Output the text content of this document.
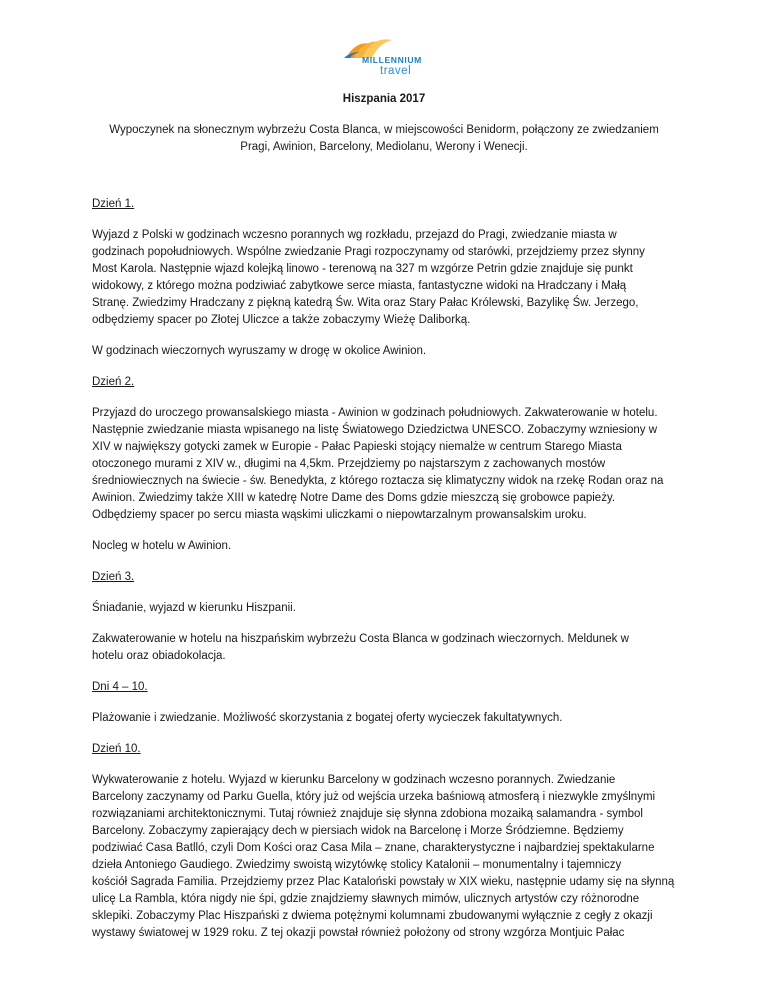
MILLENNIUM
travel
Hiszpania 2017
Wypoczynek na słonecznym wybrzeżu Costa Blanca, w miejscowości Benidorm, połączony ze zwiedzaniem
Pragi, Awinion, Barcelony, Mediolanu, Werony i Wenecji.

Dzień 1.

Wyjazd z Polski w godzinach wczesno porannych wg rozkładu, przejazd do Pragi, zwiedzanie miasta w
godzinach popołudniowych. Wspólne zwiedzanie Pragi rozpoczynamy od starówki, przejdziemy przez słynny
Most Karola. Następnie wjazd kolejką linowo - terenową na 327 m wzgórze Petrin gdzie znajduje się punkt
widokowy, z którego można podziwiać zabytkowe serce miasta, fantastyczne widoki na Hradczany i Małą
Stranę. Zwiedzimy Hradczany z piękną katedrą Św. Wita oraz Stary Pałac Królewski, Bazylikę Św. Jerzego,
odbędziemy spacer po Złotej Uliczce a także zobaczymy Wieżę Daliborką.

W godzinach wieczornych wyruszamy w drogę w okolice Awinion.

Dzień 2.

Przyjazd do uroczego prowansalskiego miasta - Awinion w godzinach południowych. Zakwaterowanie w hotelu.
Następnie zwiedzanie miasta wpisanego na listę Światowego Dziedzictwa UNESCO. Zobaczymy wzniesiony w
XIV w największy gotycki zamek w Europie - Pałac Papieski stojący niemalże w centrum Starego Miasta
otoczonego murami z XIV w., długimi na 4,5km. Przejdziemy po najstarszym z zachowanych mostów
średniowiecznych na świecie - św. Benedykta, z którego roztacza się klimatyczny widok na rzekę Rodan oraz na
Awinion. Zwiedzimy także XIII w katedrę Notre Dame des Doms gdzie mieszczą się grobowce papieży.
Odbędziemy spacer po sercu miasta wąskimi uliczkami o niepowtarzalnym prowansalskim uroku.

Nocleg w hotelu w Awinion.

Dzień 3.

Śniadanie, wyjazd w kierunku Hiszpanii.

Zakwaterowanie w hotelu na hiszpańskim wybrzeżu Costa Blanca w godzinach wieczornych. Meldunek w
hotelu oraz obiadokolacja.

Dni 4 – 10.

Plażowanie i zwiedzanie. Możliwość skorzystania z bogatej oferty wycieczek fakultatywnych.

Dzień 10.

Wykwaterowanie z hotelu. Wyjazd w kierunku Barcelony w godzinach wczesno porannych. Zwiedzanie
Barcelony zaczynamy od Parku Guella, który już od wejścia urzeka baśniową atmosferą i niezwykle zmyślnymi
rozwiązaniami architektonicznymi. Tutaj również znajduje się słynna zdobiona mozaiką salamandra - symbol
Barcelony. Zobaczymy zapierający dech w piersiach widok na Barcelonę i Morze Śródziemne. Będziemy
podziwiać Casa Batlló, czyli Dom Kości oraz Casa Mila – znane, charakterystyczne i najbardziej spektakularne
dzieła Antoniego Gaudiego. Zwiedzimy swoistą wizytówkę stolicy Katalonii – monumentalny i tajemniczy
kościół Sagrada Familia. Przejdziemy przez Plac Kataloński powstały w XIX wieku, następnie udamy się na słynną
ulicę La Rambla, która nigdy nie śpi, gdzie znajdziemy sławnych mimów, ulicznych artystów czy różnorodne
sklepiki. Zobaczymy Plac Hiszpański z dwiema potężnymi kolumnami zbudowanymi wyłącznie z cegły z okazji
wystawy światowej w 1929 roku. Z tej okazji powstał również położony od strony wzgórza Montjuic Pałac
